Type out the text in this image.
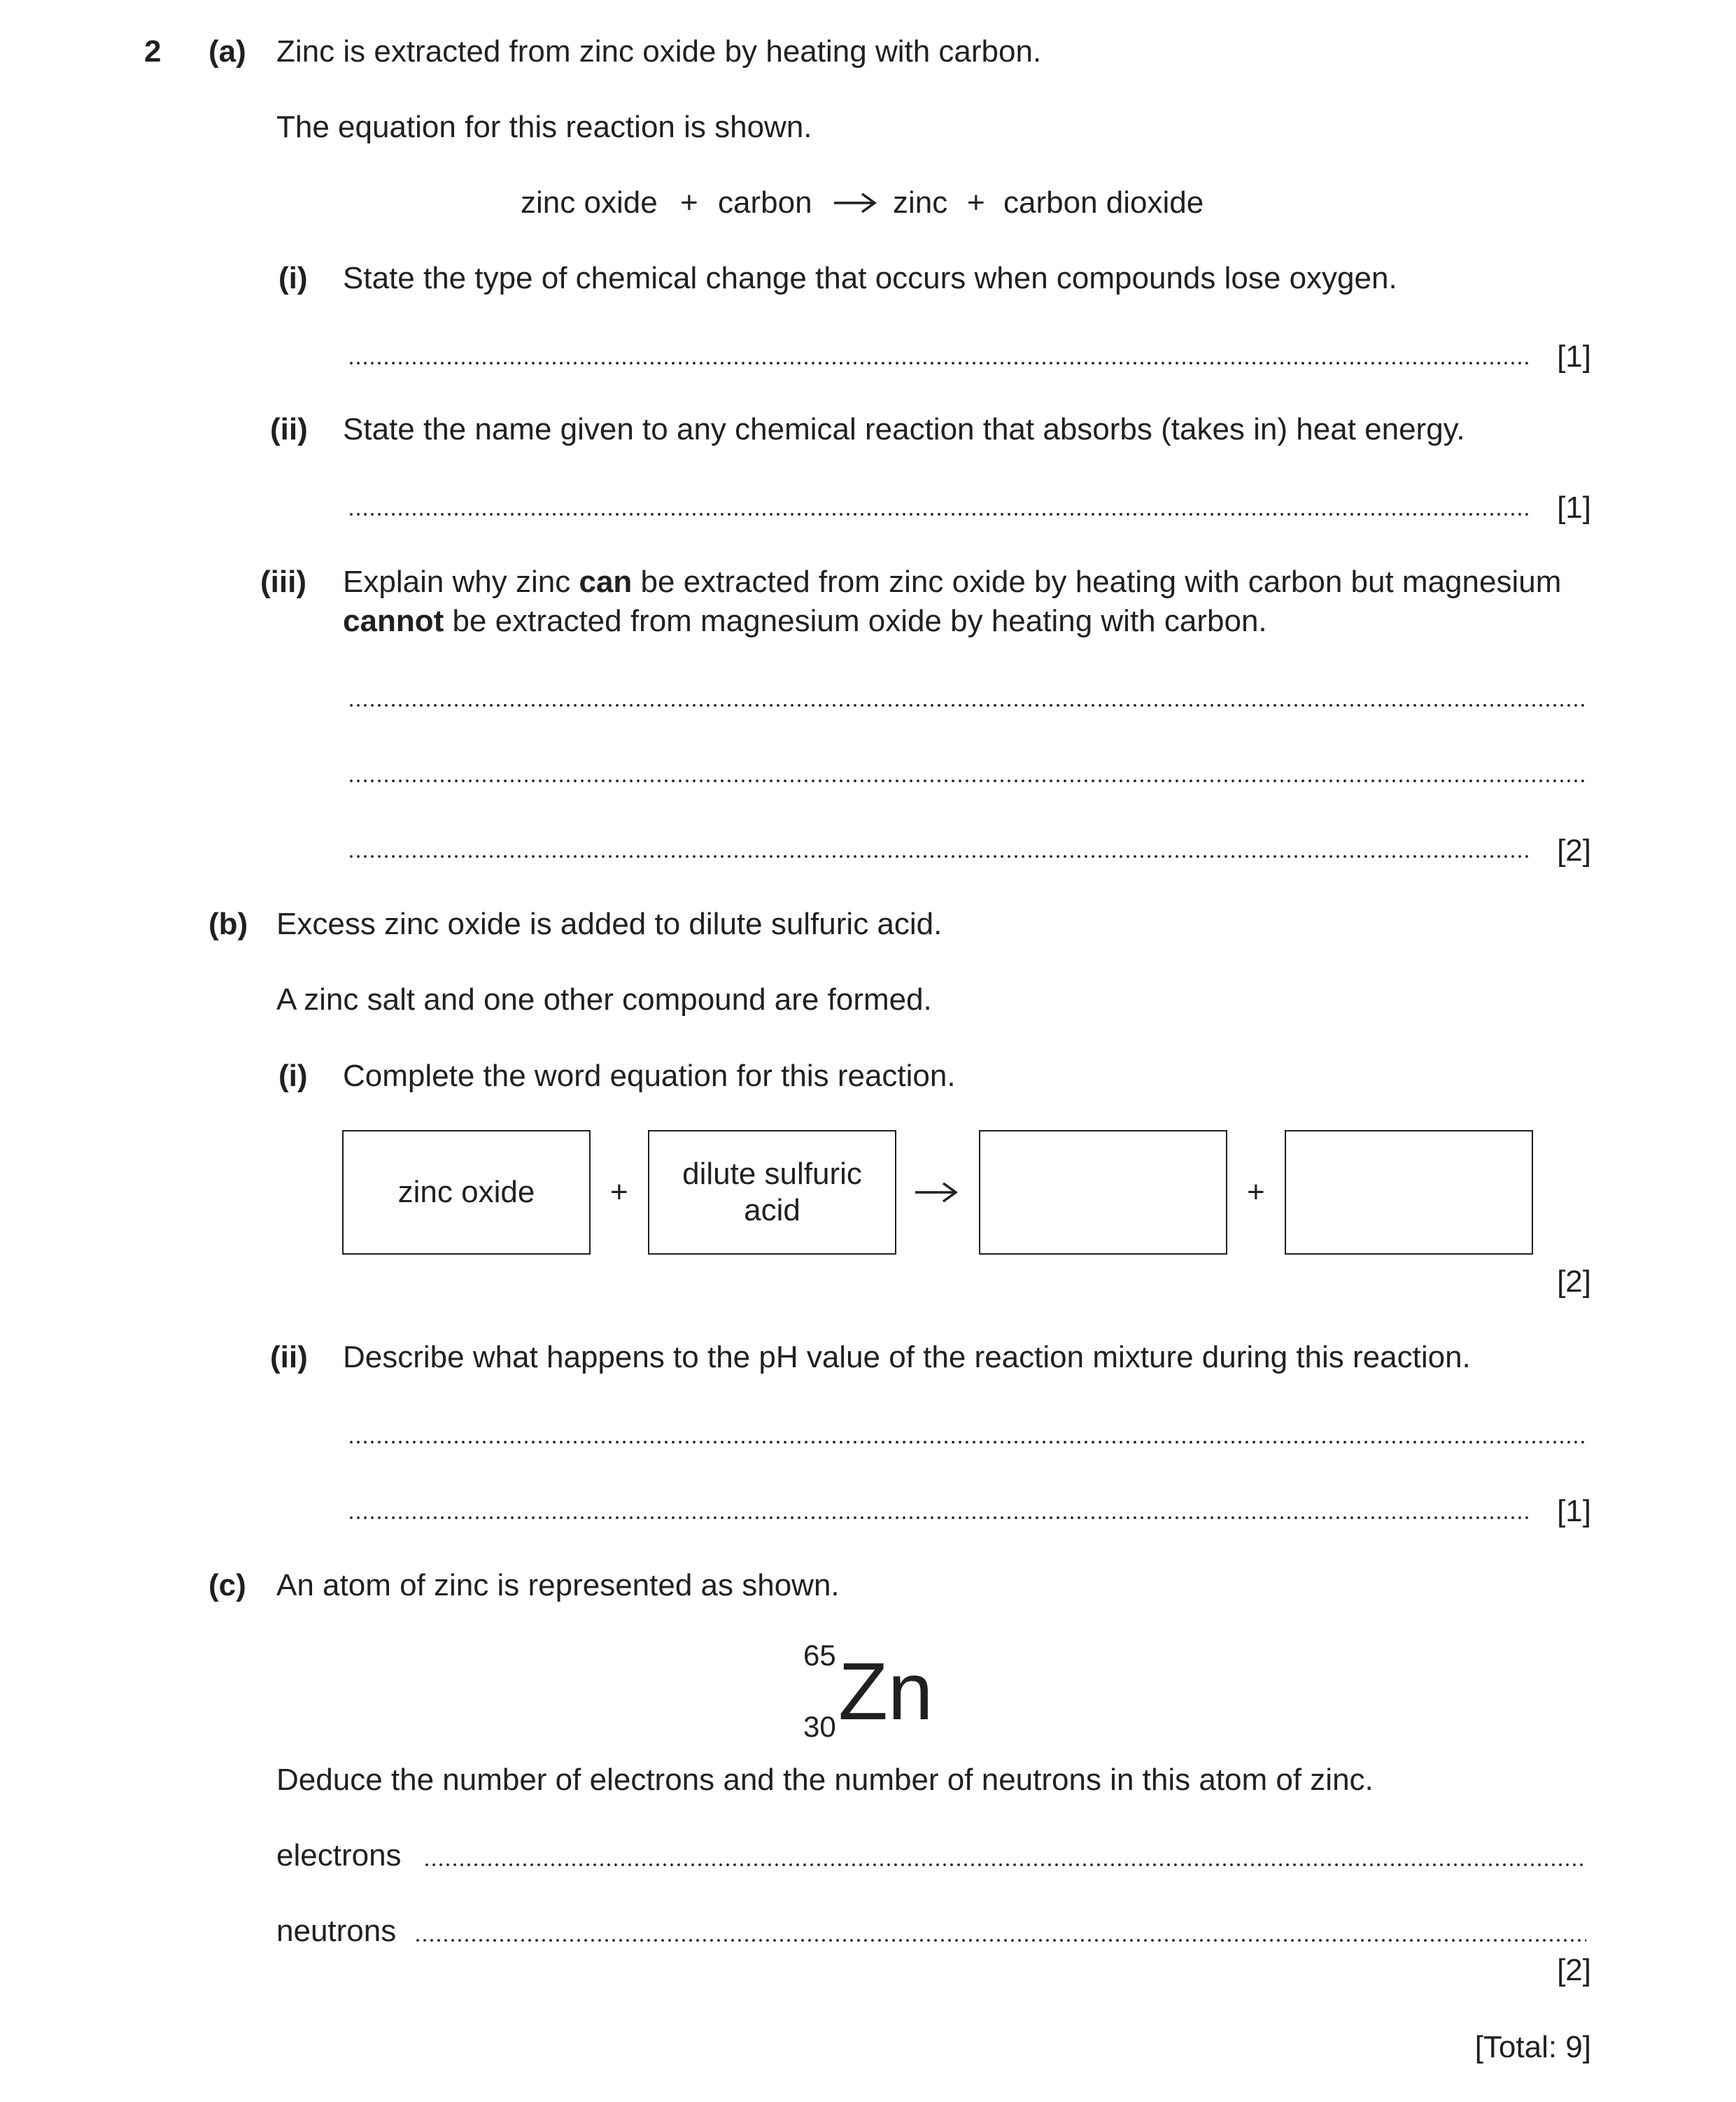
2 (a) Zinc is extracted from zinc oxide by heating with carbon.
The equation for this reaction is shown.
zinc oxide + carbon → zinc + carbon dioxide
(i) State the type of chemical change that occurs when compounds lose oxygen.
[1]
(ii) State the name given to any chemical reaction that absorbs (takes in) heat energy.
[1]
(iii) Explain why zinc can be extracted from zinc oxide by heating with carbon but magnesium
cannot be extracted from magnesium oxide by heating with carbon.
[2]
(b) Excess zinc oxide is added to dilute sulfuric acid.
A zinc salt and one other compound are formed.
(i) Complete the word equation for this reaction.
zinc oxide +
dilute sulfuric
acid
+
[2]
(ii) Describe what happens to the pH value of the reaction mixture during this reaction.
[1]
(c) An atom of zinc is represented as shown.
65
30 Zn
Deduce the number of electrons and the number of neutrons in this atom of zinc.
electrons
neutrons
[2]
[Total: 9]
